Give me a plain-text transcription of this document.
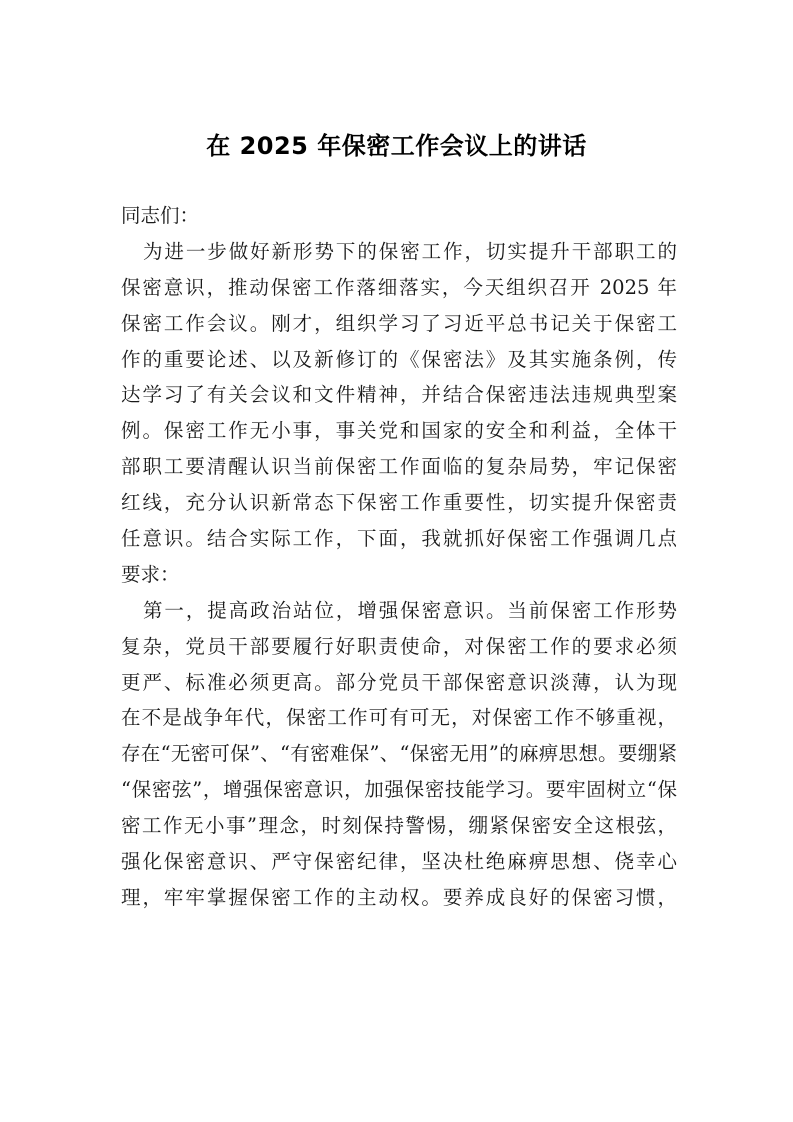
在 2025 年保密工作会议上的讲话
同志们：
为进一步做好新形势下的保密工作，切实提升干部职工的
保密意识，推动保密工作落细落实，今天组织召开 2025 年
保密工作会议。刚才，组织学习了习近平总书记关于保密工
作的重要论述、以及新修订的《保密法》及其实施条例，传
达学习了有关会议和文件精神，并结合保密违法违规典型案
例。保密工作无小事，事关党和国家的安全和利益，全体干
部职工要清醒认识当前保密工作面临的复杂局势，牢记保密
红线，充分认识新常态下保密工作重要性，切实提升保密责
任意识。结合实际工作，下面，我就抓好保密工作强调几点
要求：
第一，提高政治站位，增强保密意识。当前保密工作形势
复杂，党员干部要履行好职责使命，对保密工作的要求必须
更严、标准必须更高。部分党员干部保密意识淡薄，认为现
在不是战争年代，保密工作可有可无，对保密工作不够重视，
存在“无密可保”、“有密难保”、“保密无用”的麻痹思想。要绷紧
“保密弦”，增强保密意识，加强保密技能学习。要牢固树立“保
密工作无小事”理念，时刻保持警惕，绷紧保密安全这根弦，
强化保密意识、严守保密纪律，坚决杜绝麻痹思想、侥幸心
理，牢牢掌握保密工作的主动权。要养成良好的保密习惯，
